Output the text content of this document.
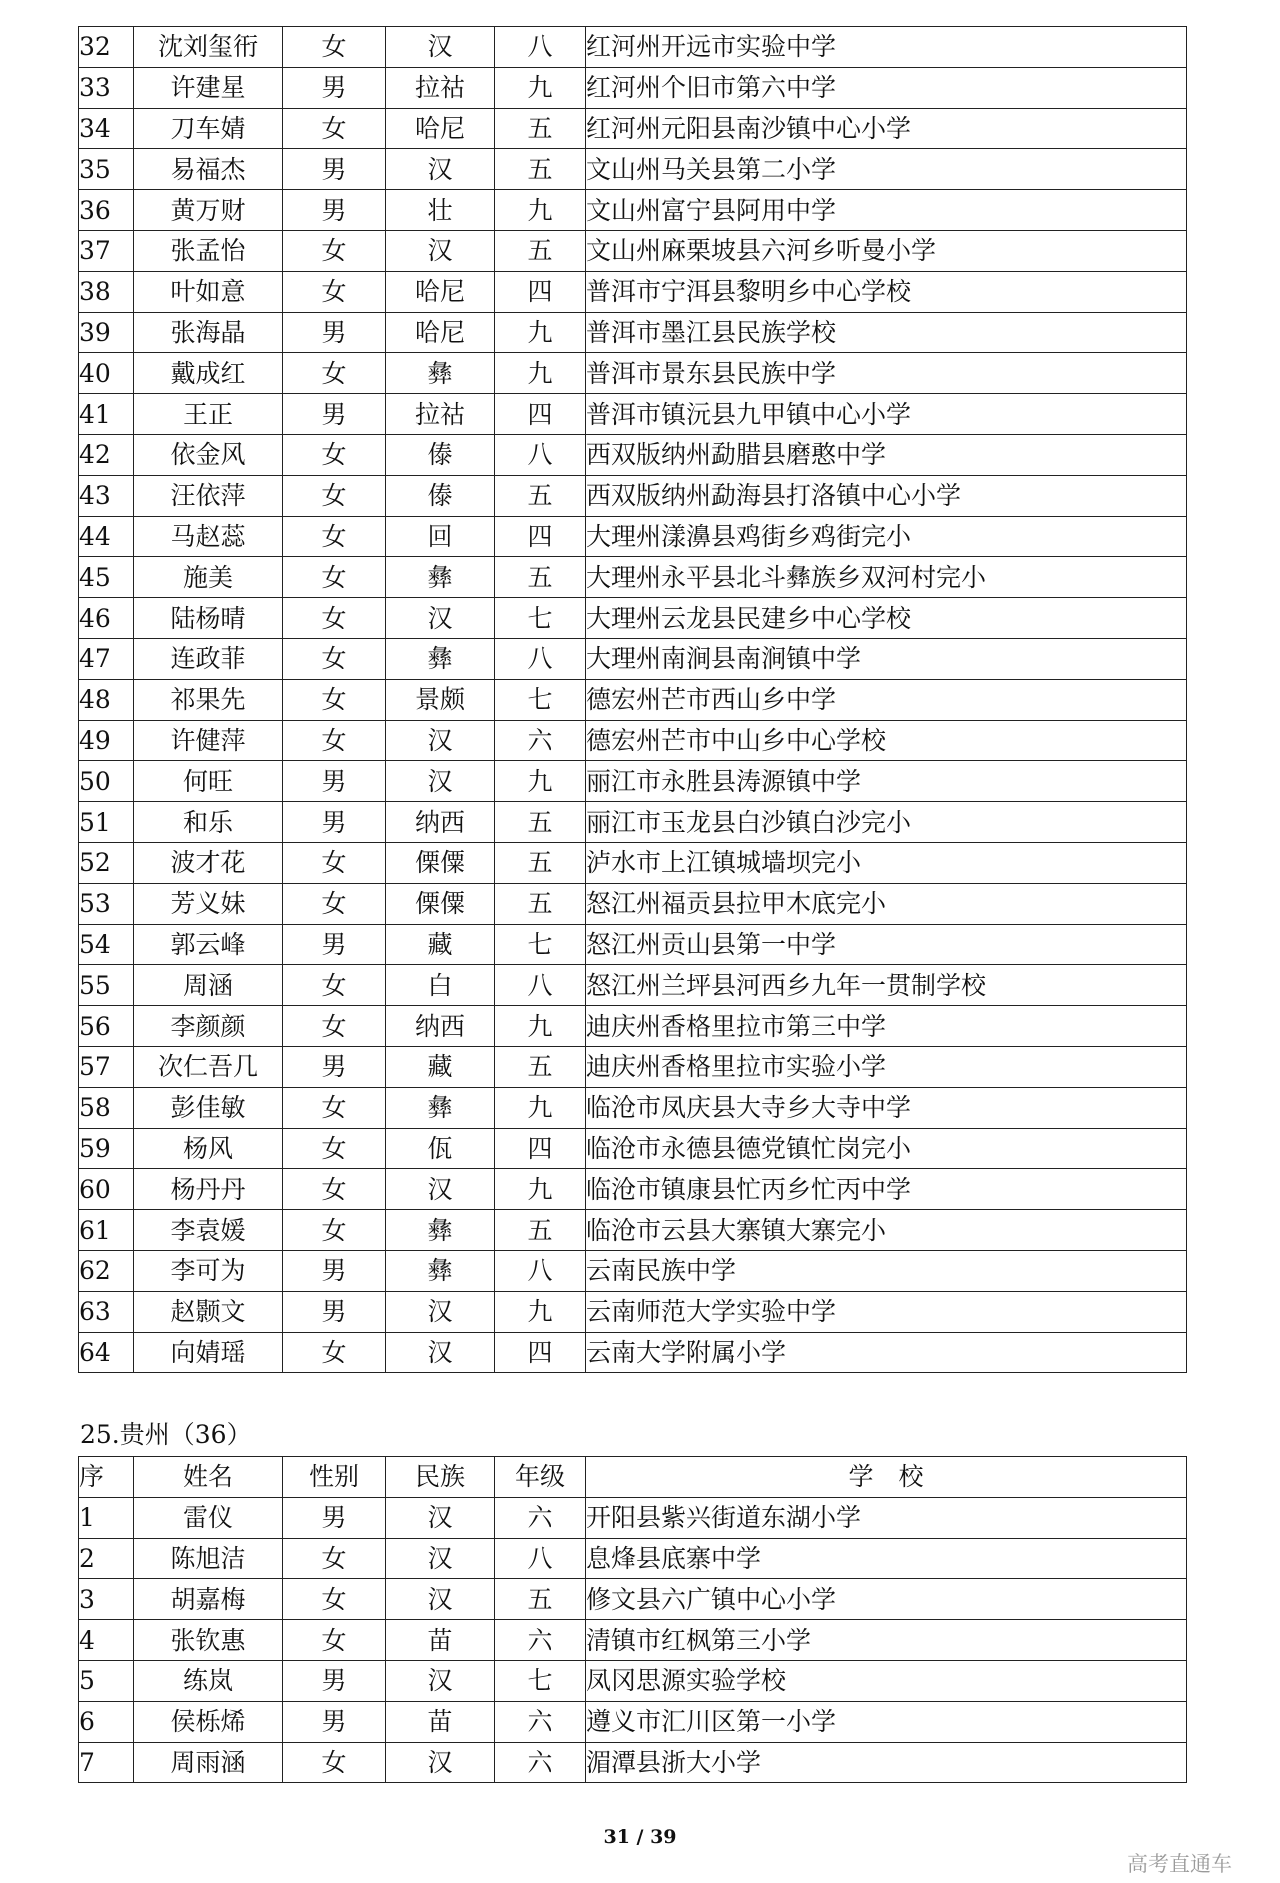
32	沈刘玺衎	女	汉	八	红河州开远市实验中学
33	许建星	男	拉祜	九	红河州个旧市第六中学
34	刀车婧	女	哈尼	五	红河州元阳县南沙镇中心小学
35	易福杰	男	汉	五	文山州马关县第二小学
36	黄万财	男	壮	九	文山州富宁县阿用中学
37	张孟怡	女	汉	五	文山州麻栗坡县六河乡听曼小学
38	叶如意	女	哈尼	四	普洱市宁洱县黎明乡中心学校
39	张海晶	男	哈尼	九	普洱市墨江县民族学校
40	戴成红	女	彝	九	普洱市景东县民族中学
41	王正	男	拉祜	四	普洱市镇沅县九甲镇中心小学
42	依金风	女	傣	八	西双版纳州勐腊县磨憨中学
43	汪依萍	女	傣	五	西双版纳州勐海县打洛镇中心小学
44	马赵蕊	女	回	四	大理州漾濞县鸡街乡鸡街完小
45	施美	女	彝	五	大理州永平县北斗彝族乡双河村完小
46	陆杨晴	女	汉	七	大理州云龙县民建乡中心学校
47	连政菲	女	彝	八	大理州南涧县南涧镇中学
48	祁果先	女	景颇	七	德宏州芒市西山乡中学
49	许健萍	女	汉	六	德宏州芒市中山乡中心学校
50	何旺	男	汉	九	丽江市永胜县涛源镇中学
51	和乐	男	纳西	五	丽江市玉龙县白沙镇白沙完小
52	波才花	女	傈僳	五	泸水市上江镇城墙坝完小
53	芳义妹	女	傈僳	五	怒江州福贡县拉甲木底完小
54	郭云峰	男	藏	七	怒江州贡山县第一中学
55	周涵	女	白	八	怒江州兰坪县河西乡九年一贯制学校
56	李颜颜	女	纳西	九	迪庆州香格里拉市第三中学
57	次仁吾几	男	藏	五	迪庆州香格里拉市实验小学
58	彭佳敏	女	彝	九	临沧市凤庆县大寺乡大寺中学
59	杨风	女	佤	四	临沧市永德县德党镇忙岗完小
60	杨丹丹	女	汉	九	临沧市镇康县忙丙乡忙丙中学
61	李袁媛	女	彝	五	临沧市云县大寨镇大寨完小
62	李可为	男	彝	八	云南民族中学
63	赵颢文	男	汉	九	云南师范大学实验中学
64	向婧瑶	女	汉	四	云南大学附属小学
25.贵州（36）
序	姓名	性别	民族	年级	学　校
1	雷仪	男	汉	六	开阳县紫兴街道东湖小学
2	陈旭洁	女	汉	八	息烽县底寨中学
3	胡嘉梅	女	汉	五	修文县六广镇中心小学
4	张钦惠	女	苗	六	清镇市红枫第三小学
5	练岚	男	汉	七	凤冈思源实验学校
6	侯栎烯	男	苗	六	遵义市汇川区第一小学
7	周雨涵	女	汉	六	湄潭县浙大小学
31 / 39
高考直通车
